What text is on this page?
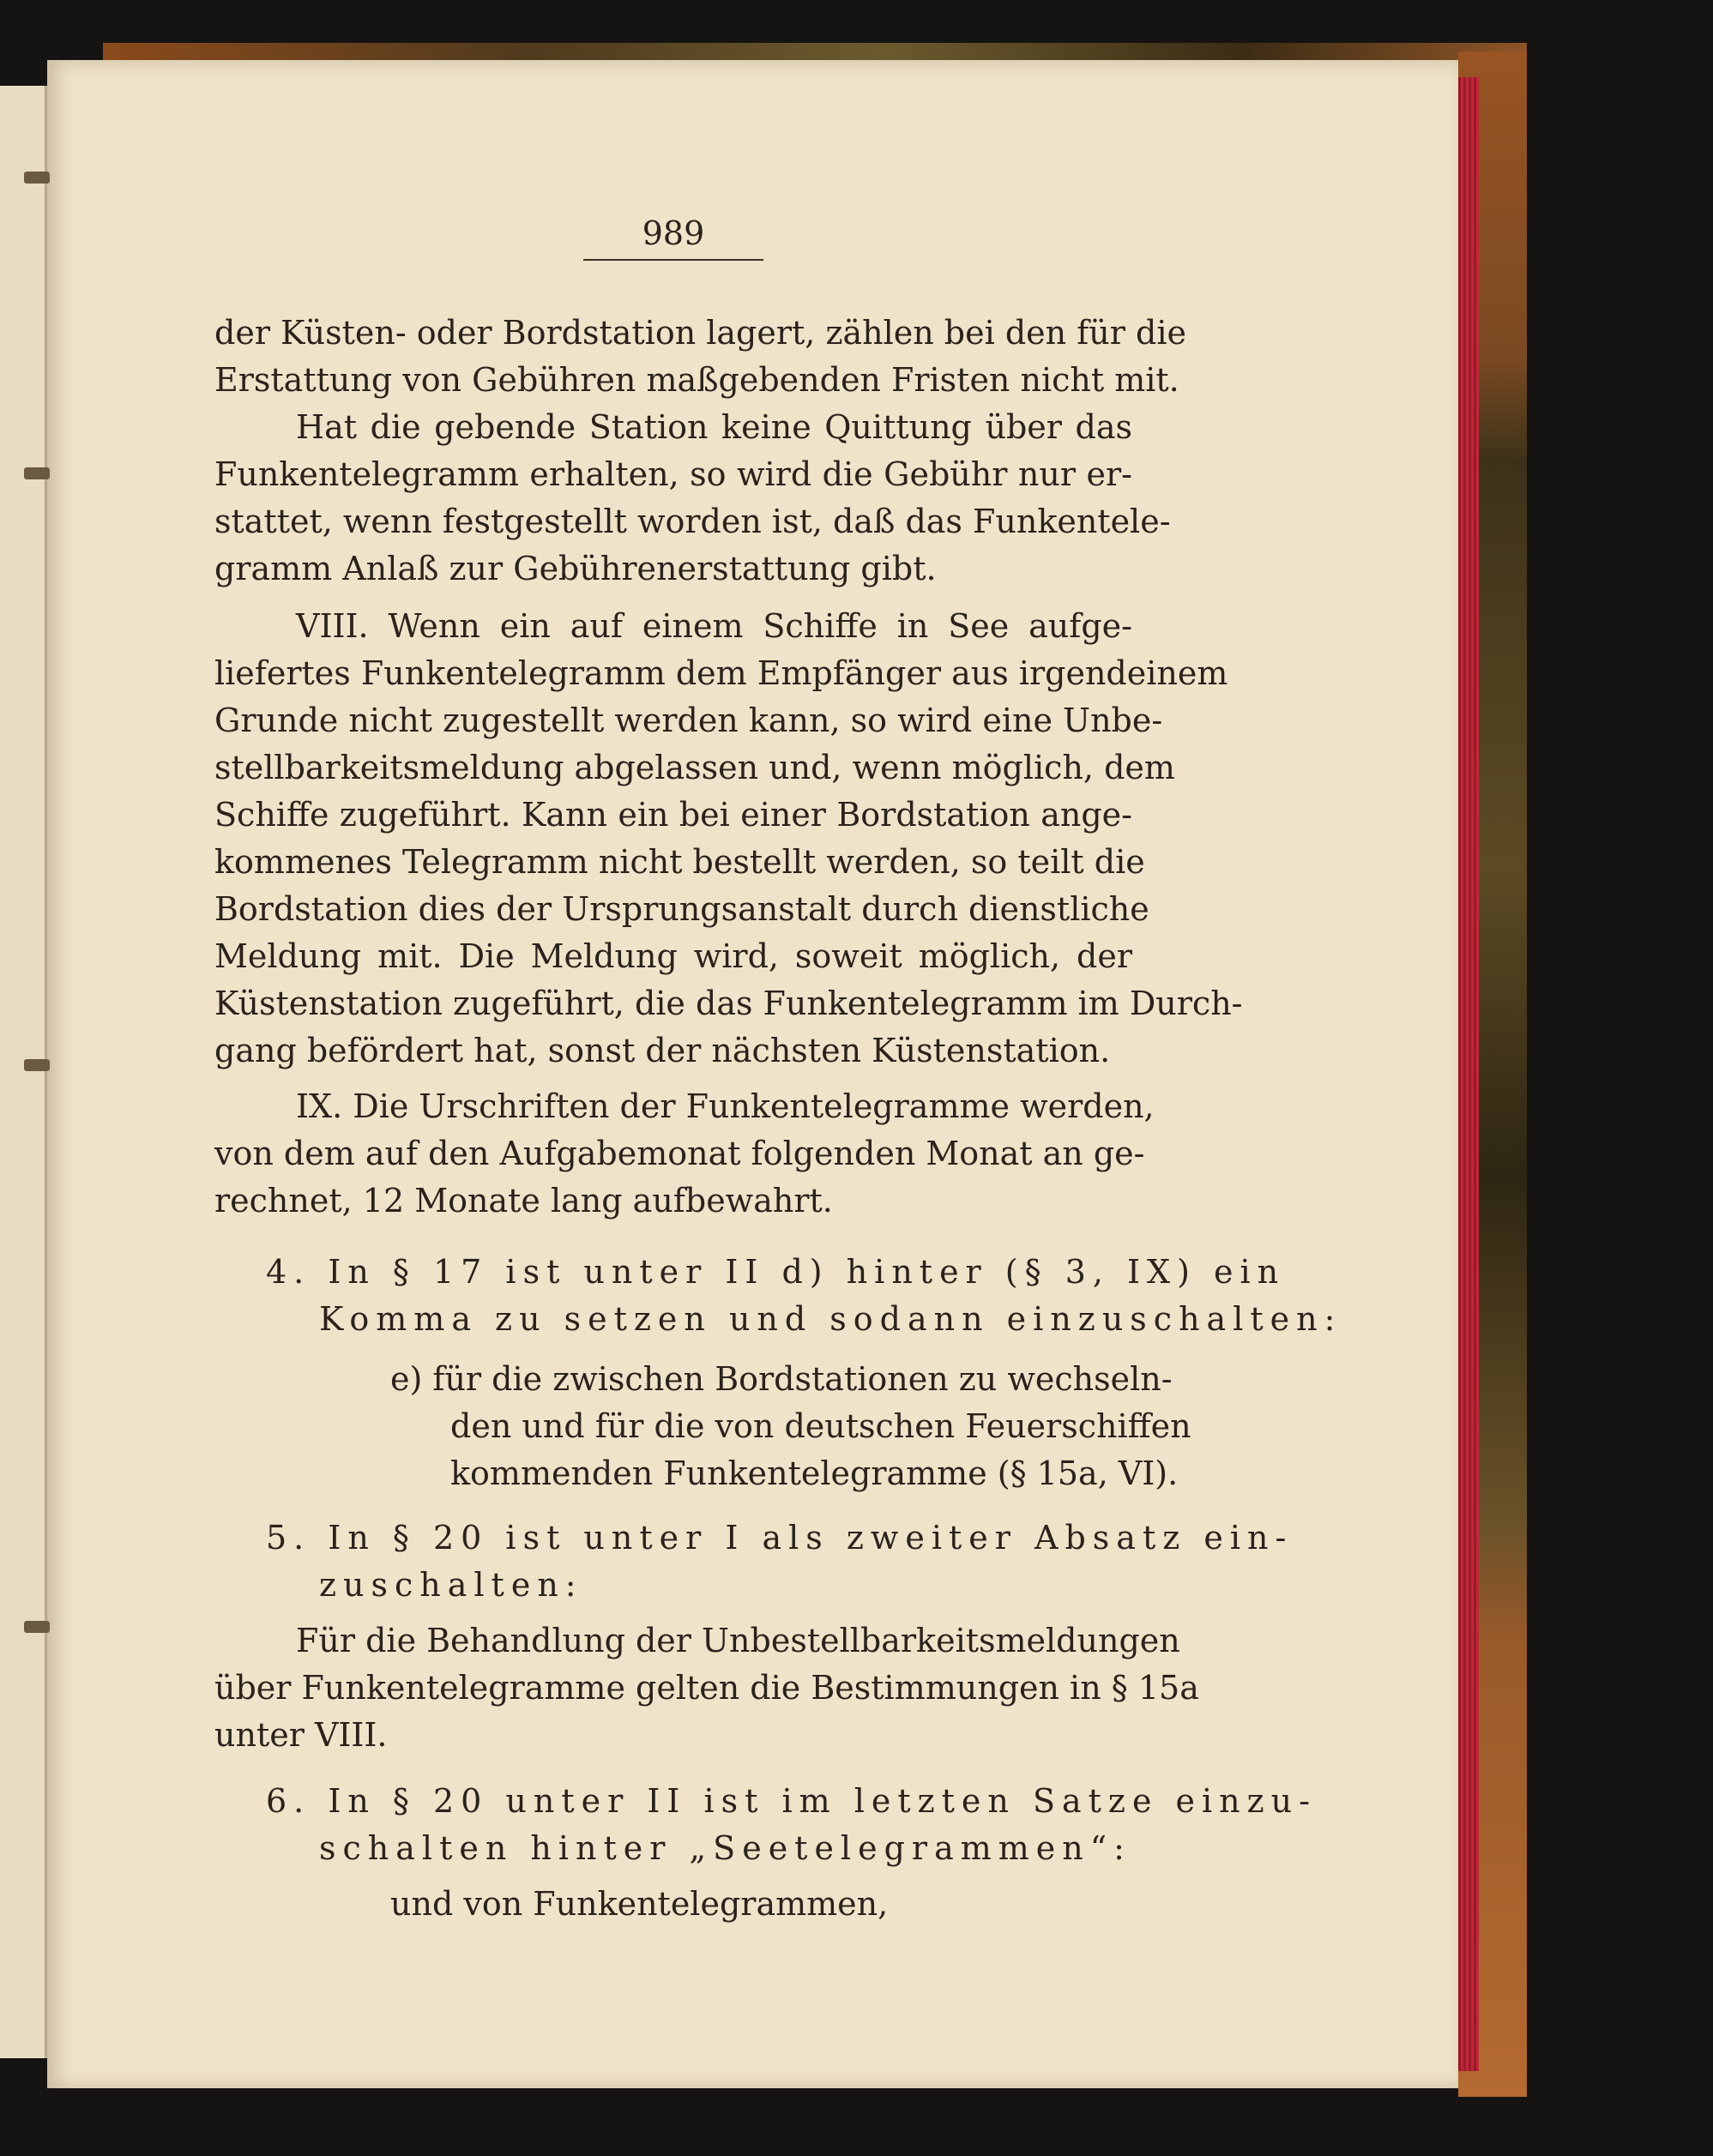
989
der Küsten- oder Bordstation lagert, zählen bei den für die
Erstattung von Gebühren maßgebenden Fristen nicht mit.
Hat die gebende Station keine Quittung über das
Funkentelegramm erhalten, so wird die Gebühr nur er-
stattet, wenn festgestellt worden ist, daß das Funkentele-
gramm Anlaß zur Gebührenerstattung gibt.
VIII. Wenn ein auf einem Schiffe in See aufge-
liefertes Funkentelegramm dem Empfänger aus irgendeinem
Grunde nicht zugestellt werden kann, so wird eine Unbe-
stellbarkeitsmeldung abgelassen und, wenn möglich, dem
Schiffe zugeführt. Kann ein bei einer Bordstation ange-
kommenes Telegramm nicht bestellt werden, so teilt die
Bordstation dies der Ursprungsanstalt durch dienstliche
Meldung mit. Die Meldung wird, soweit möglich, der
Küstenstation zugeführt, die das Funkentelegramm im Durch-
gang befördert hat, sonst der nächsten Küstenstation.
IX. Die Urschriften der Funkentelegramme werden,
von dem auf den Aufgabemonat folgenden Monat an ge-
rechnet, 12 Monate lang aufbewahrt.
4. In § 17 ist unter II d) hinter (§ 3, IX) ein
Komma zu setzen und sodann einzuschalten:
e) für die zwischen Bordstationen zu wechseln-
den und für die von deutschen Feuerschiffen
kommenden Funkentelegramme (§ 15a, VI).
5. In § 20 ist unter I als zweiter Absatz ein-
zuschalten:
Für die Behandlung der Unbestellbarkeitsmeldungen
über Funkentelegramme gelten die Bestimmungen in § 15a
unter VIII.
6. In § 20 unter II ist im letzten Satze einzu-
schalten hinter „Seetelegrammen“:
und von Funkentelegrammen,
